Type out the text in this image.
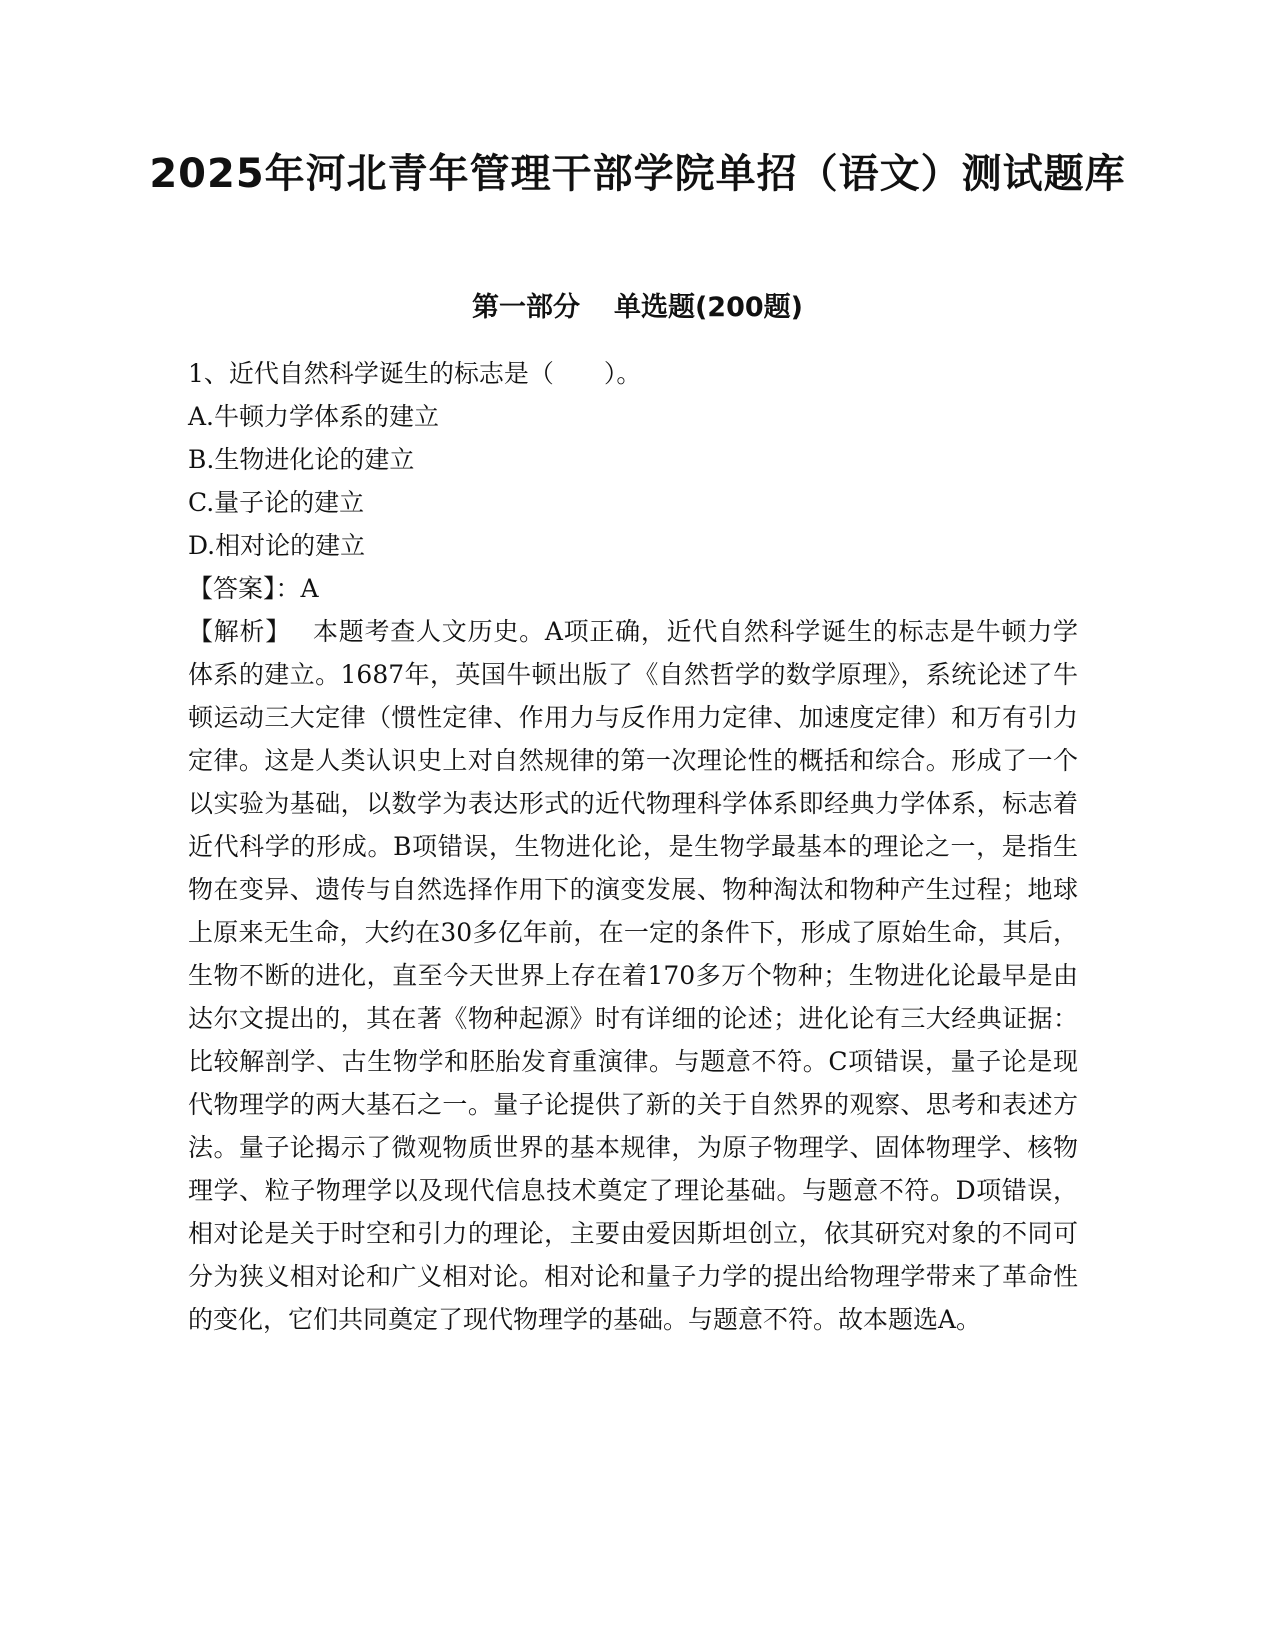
2025年河北青年管理干部学院单招（语文）测试题库
第一部分 单选题(200题)
1、近代自然科学诞生的标志是（　　）。
A.牛顿力学体系的建立
B.生物进化论的建立
C.量子论的建立
D.相对论的建立
【答案】：A
【解析】 本题考查人文历史。A项正确，近代自然科学诞生的标志是牛顿力学体系的建立。1687年，英国牛顿出版了《自然哲学的数学原理》，系统论述了牛顿运动三大定律（惯性定律、作用力与反作用力定律、加速度定律）和万有引力定律。这是人类认识史上对自然规律的第一次理论性的概括和综合。形成了一个以实验为基础，以数学为表达形式的近代物理科学体系即经典力学体系，标志着近代科学的形成。B项错误，生物进化论，是生物学最基本的理论之一，是指生物在变异、遗传与自然选择作用下的演变发展、物种淘汰和物种产生过程；地球上原来无生命，大约在30多亿年前，在一定的条件下，形成了原始生命，其后，生物不断的进化，直至今天世界上存在着170多万个物种；生物进化论最早是由达尔文提出的，其在著《物种起源》时有详细的论述；进化论有三大经典证据：比较解剖学、古生物学和胚胎发育重演律。与题意不符。C项错误，量子论是现代物理学的两大基石之一。量子论提供了新的关于自然界的观察、思考和表述方法。量子论揭示了微观物质世界的基本规律，为原子物理学、固体物理学、核物理学、粒子物理学以及现代信息技术奠定了理论基础。与题意不符。D项错误，相对论是关于时空和引力的理论，主要由爱因斯坦创立，依其研究对象的不同可分为狭义相对论和广义相对论。相对论和量子力学的提出给物理学带来了革命性的变化，它们共同奠定了现代物理学的基础。与题意不符。故本题选A。
